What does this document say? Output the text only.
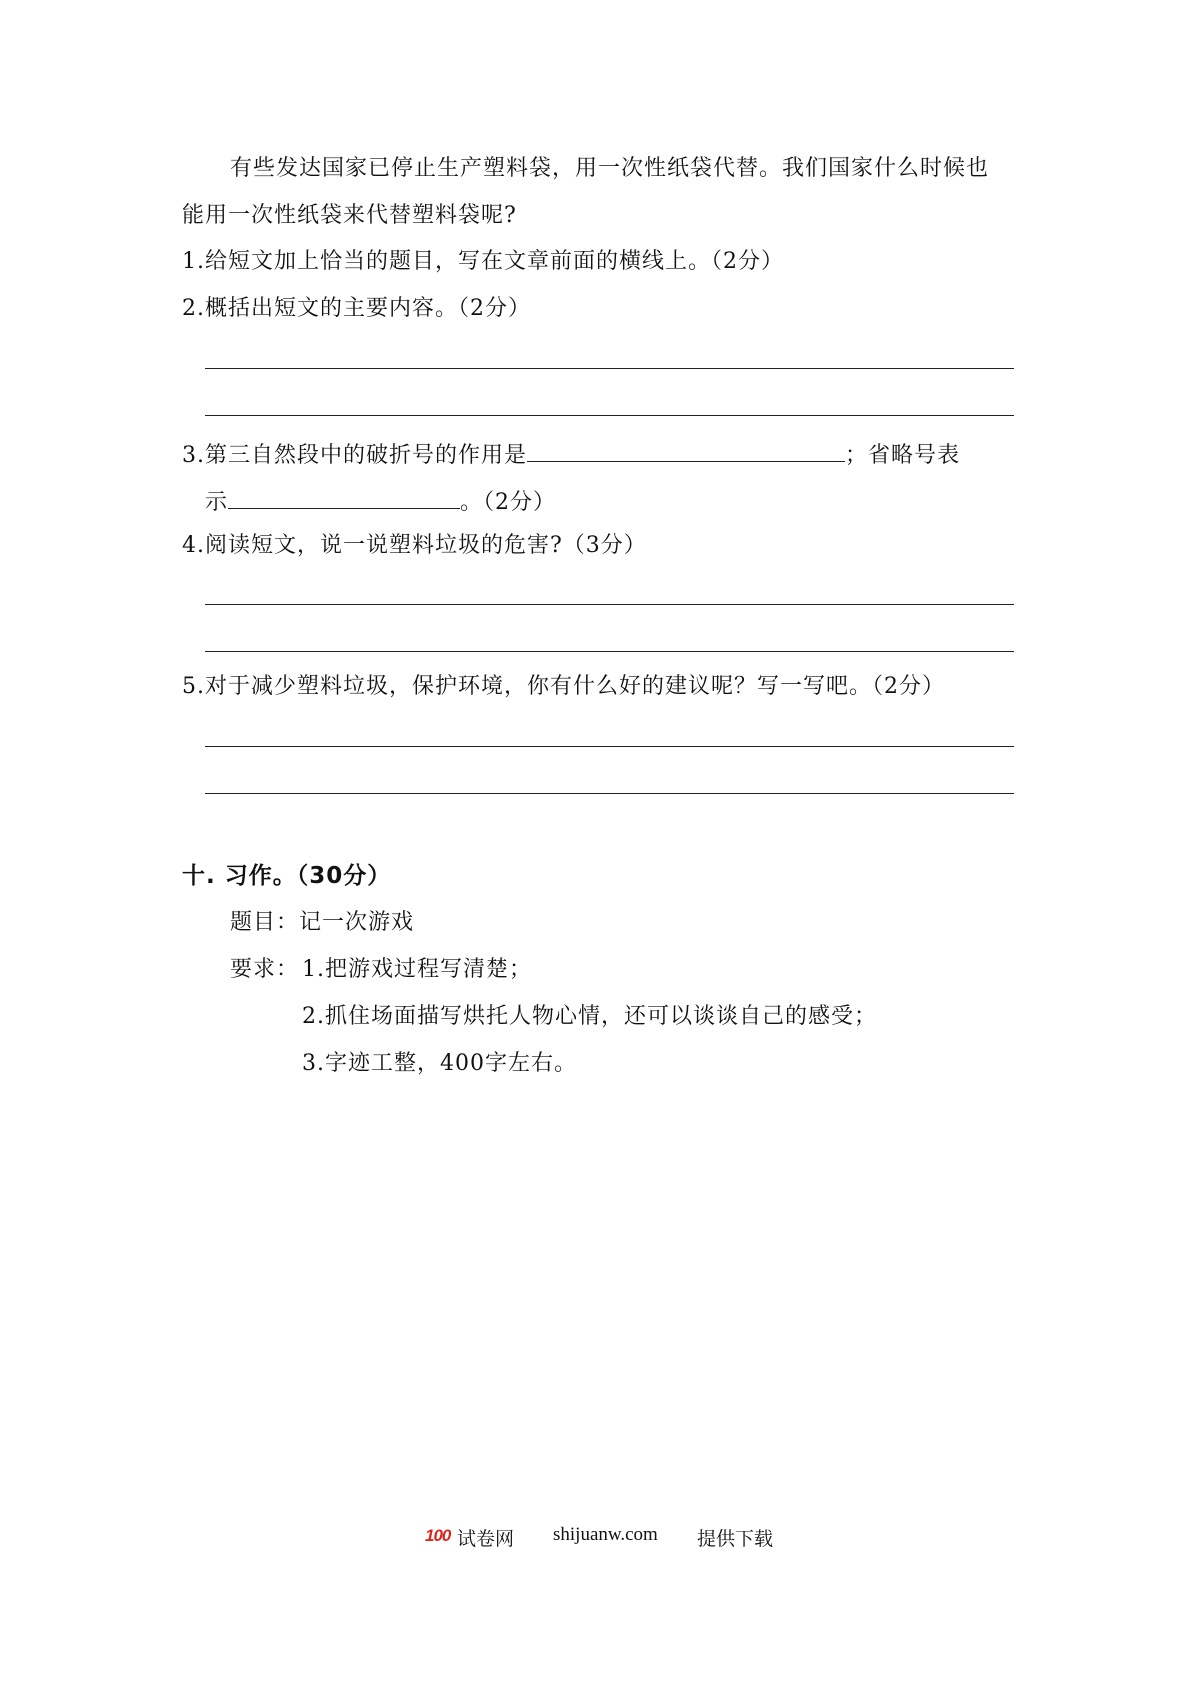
有些发达国家已停止生产塑料袋，用一次性纸袋代替。我们国家什么时候也
能用一次性纸袋来代替塑料袋呢?
1.给短文加上恰当的题目，写在文章前面的横线上。（2分）
2.概括出短文的主要内容。（2分）
3.第三自然段中的破折号的作用是	；省略号表
示	。（2分）
4.阅读短文，说一说塑料垃圾的危害?（3分）
5.对于减少塑料垃圾，保护环境，你有什么好的建议呢？写一写吧。（2分）
十. 习作。（30分）
题目：记一次游戏
要求： 1.把游戏过程写清楚；
2.抓住场面描写烘托人物心情，还可以谈谈自己的感受；
3.字迹工整，400字左右。
100 试卷网 shijuanw.com 提供下载
